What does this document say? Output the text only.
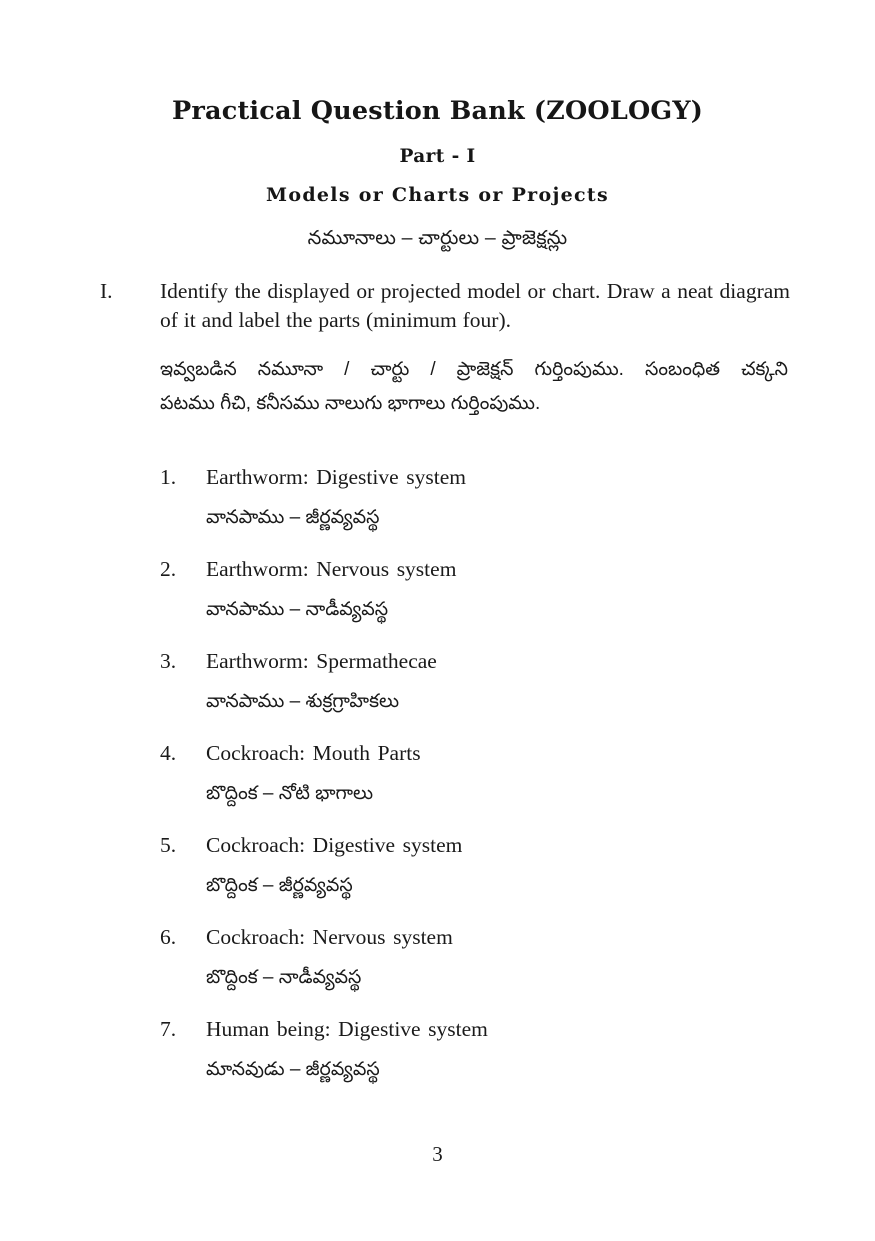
Practical Question Bank (ZOOLOGY)
Part - I
Models or Charts or Projects
నమూనాలు – చార్టులు – ప్రాజెక్షన్లు
I.	Identify the displayed or projected model or chart. Draw a neat diagram of it and label the parts (minimum four).
ఇవ్వబడిన నమూనా / చార్టు / ప్రాజెక్షన్ గుర్తింపుము. సంబంధిత చక్కని
పటము గీచి, కనీసము నాలుగు భాగాలు గుర్తింపుము.
1.	Earthworm: Digestive system
వానపాము – జీర్ణవ్యవస్థ
2.	Earthworm: Nervous system
వానపాము – నాడీవ్యవస్థ
3.	Earthworm: Spermathecae
వానపాము – శుక్రగ్రాహికలు
4.	Cockroach: Mouth Parts
బొద్దింక – నోటి భాగాలు
5.	Cockroach: Digestive system
బొద్దింక – జీర్ణవ్యవస్థ
6.	Cockroach: Nervous system
బొద్దింక – నాడీవ్యవస్థ
7.	Human being: Digestive system
మానవుడు – జీర్ణవ్యవస్థ
3
